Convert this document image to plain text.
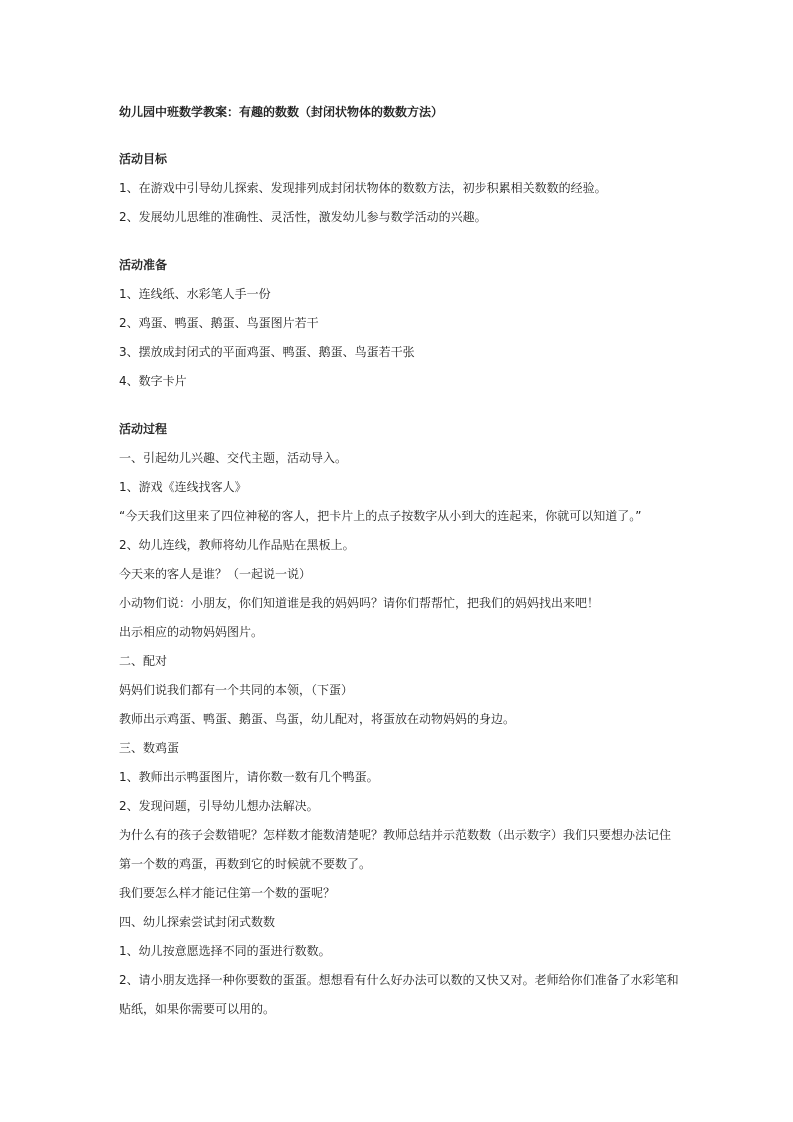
幼儿园中班数学教案：有趣的数数（封闭状物体的数数方法）
活动目标
1、在游戏中引导幼儿探索、发现排列成封闭状物体的数数方法，初步积累相关数数的经验。
2、发展幼儿思维的准确性、灵活性，激发幼儿参与数学活动的兴趣。
活动准备
1、连线纸、水彩笔人手一份
2、鸡蛋、鸭蛋、鹅蛋、鸟蛋图片若干
3、摆放成封闭式的平面鸡蛋、鸭蛋、鹅蛋、鸟蛋若干张
4、数字卡片
活动过程
一、引起幼儿兴趣、交代主题，活动导入。
1、游戏《连线找客人》
“今天我们这里来了四位神秘的客人，把卡片上的点子按数字从小到大的连起来，你就可以知道了。”
2、幼儿连线，教师将幼儿作品贴在黑板上。
今天来的客人是谁？（一起说一说）
小动物们说：小朋友，你们知道谁是我的妈妈吗？请你们帮帮忙，把我们的妈妈找出来吧！
出示相应的动物妈妈图片。
二、配对
妈妈们说我们都有一个共同的本领，（下蛋）
教师出示鸡蛋、鸭蛋、鹅蛋、鸟蛋，幼儿配对，将蛋放在动物妈妈的身边。
三、数鸡蛋
1、教师出示鸭蛋图片，请你数一数有几个鸭蛋。
2、发现问题，引导幼儿想办法解决。
为什么有的孩子会数错呢？怎样数才能数清楚呢？教师总结并示范数数（出示数字）我们只要想办法记住
第一个数的鸡蛋，再数到它的时候就不要数了。
我们要怎么样才能记住第一个数的蛋呢？
四、幼儿探索尝试封闭式数数
1、幼儿按意愿选择不同的蛋进行数数。
2、请小朋友选择一种你要数的蛋蛋。想想看有什么好办法可以数的又快又对。老师给你们准备了水彩笔和
贴纸，如果你需要可以用的。
